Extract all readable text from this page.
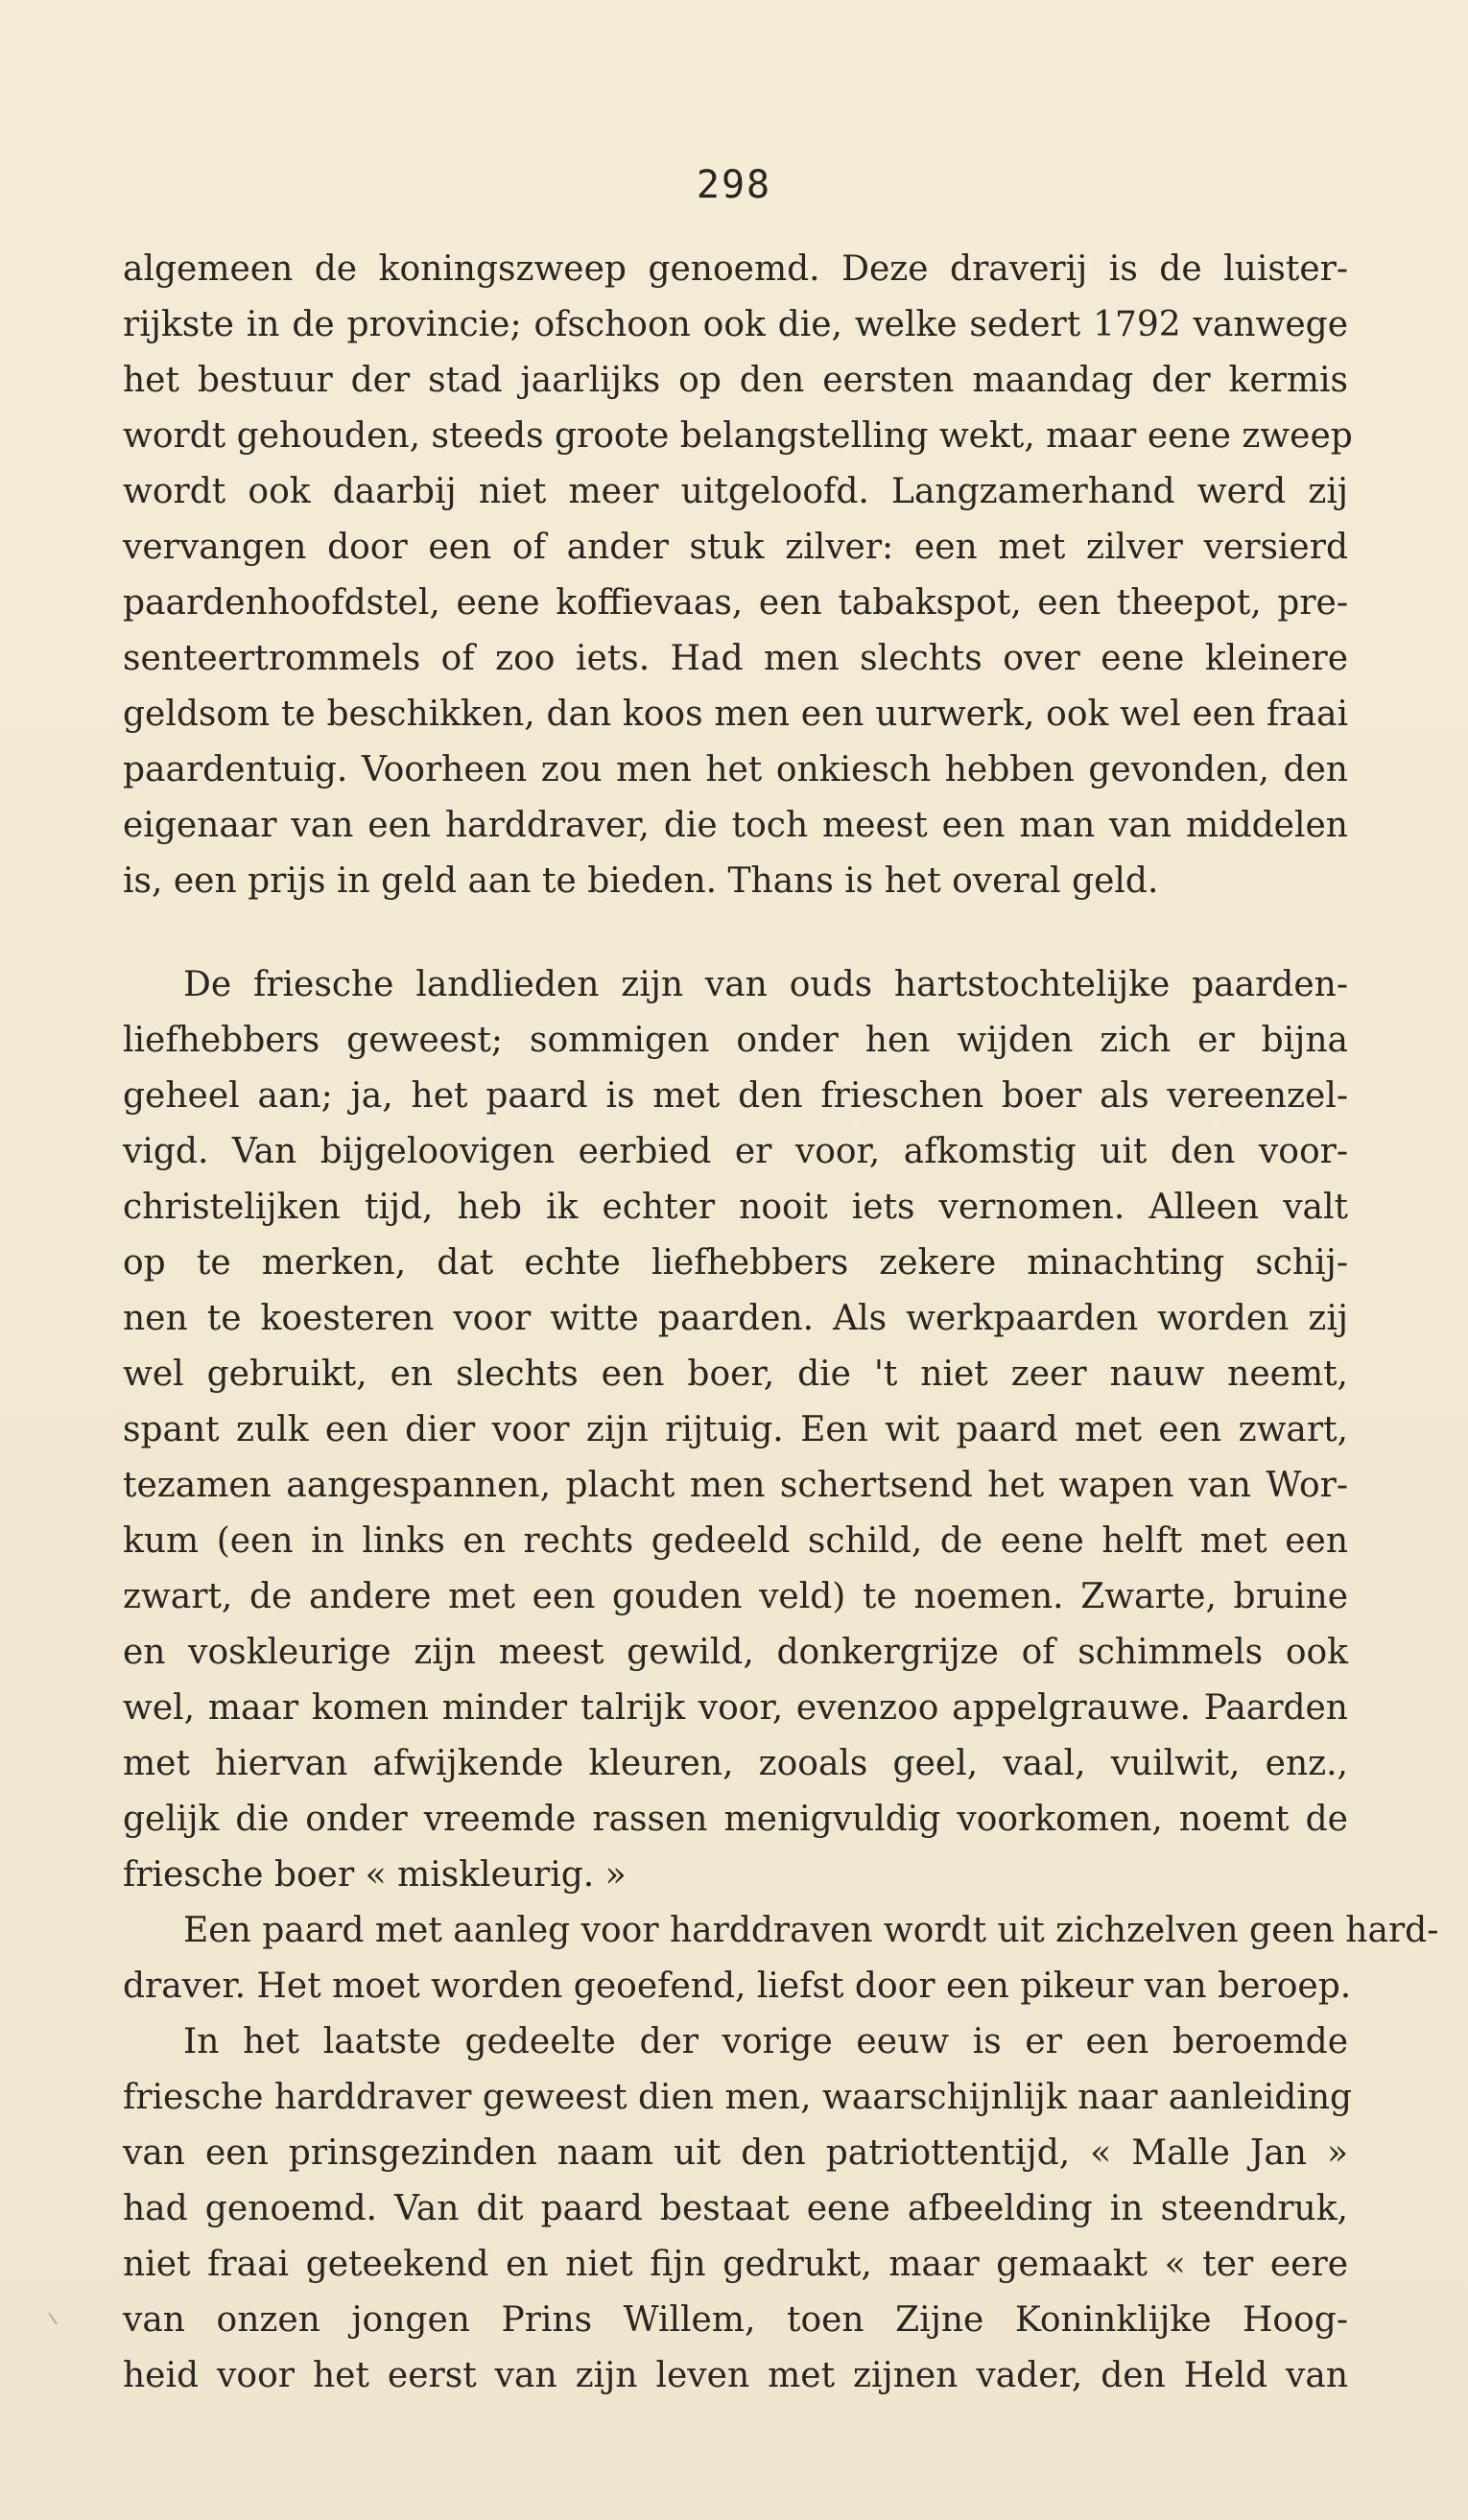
298
algemeen de koningszweep genoemd. Deze draverij is de luister-
rijkste in de provincie; ofschoon ook die, welke sedert 1792 vanwege
het bestuur der stad jaarlijks op den eersten maandag der kermis
wordt gehouden, steeds groote belangstelling wekt, maar eene zweep
wordt ook daarbij niet meer uitgeloofd. Langzamerhand werd zij
vervangen door een of ander stuk zilver: een met zilver versierd
paardenhoofdstel, eene koffievaas, een tabakspot, een theepot, pre-
senteertrommels of zoo iets. Had men slechts over eene kleinere
geldsom te beschikken, dan koos men een uurwerk, ook wel een fraai
paardentuig. Voorheen zou men het onkiesch hebben gevonden, den
eigenaar van een harddraver, die toch meest een man van middelen
is, een prijs in geld aan te bieden. Thans is het overal geld.
De friesche landlieden zijn van ouds hartstochtelijke paarden-
liefhebbers geweest; sommigen onder hen wijden zich er bijna
geheel aan; ja, het paard is met den frieschen boer als vereenzel-
vigd. Van bijgeloovigen eerbied er voor, afkomstig uit den voor-
christelijken tijd, heb ik echter nooit iets vernomen. Alleen valt
op te merken, dat echte liefhebbers zekere minachting schij-
nen te koesteren voor witte paarden. Als werkpaarden worden zij
wel gebruikt, en slechts een boer, die 't niet zeer nauw neemt,
spant zulk een dier voor zijn rijtuig. Een wit paard met een zwart,
tezamen aangespannen, placht men schertsend het wapen van Wor-
kum (een in links en rechts gedeeld schild, de eene helft met een
zwart, de andere met een gouden veld) te noemen. Zwarte, bruine
en voskleurige zijn meest gewild, donkergrijze of schimmels ook
wel, maar komen minder talrijk voor, evenzoo appelgrauwe. Paarden
met hiervan afwijkende kleuren, zooals geel, vaal, vuilwit, enz.,
gelijk die onder vreemde rassen menigvuldig voorkomen, noemt de
friesche boer « miskleurig. »
Een paard met aanleg voor harddraven wordt uit zichzelven geen hard-
draver. Het moet worden geoefend, liefst door een pikeur van beroep.
In het laatste gedeelte der vorige eeuw is er een beroemde
friesche harddraver geweest dien men, waarschijnlijk naar aanleiding
van een prinsgezinden naam uit den patriottentijd, « Malle Jan »
had genoemd. Van dit paard bestaat eene afbeelding in steendruk,
niet fraai geteekend en niet fijn gedrukt, maar gemaakt « ter eere
van onzen jongen Prins Willem, toen Zijne Koninklijke Hoog-
heid voor het eerst van zijn leven met zijnen vader, den Held van
